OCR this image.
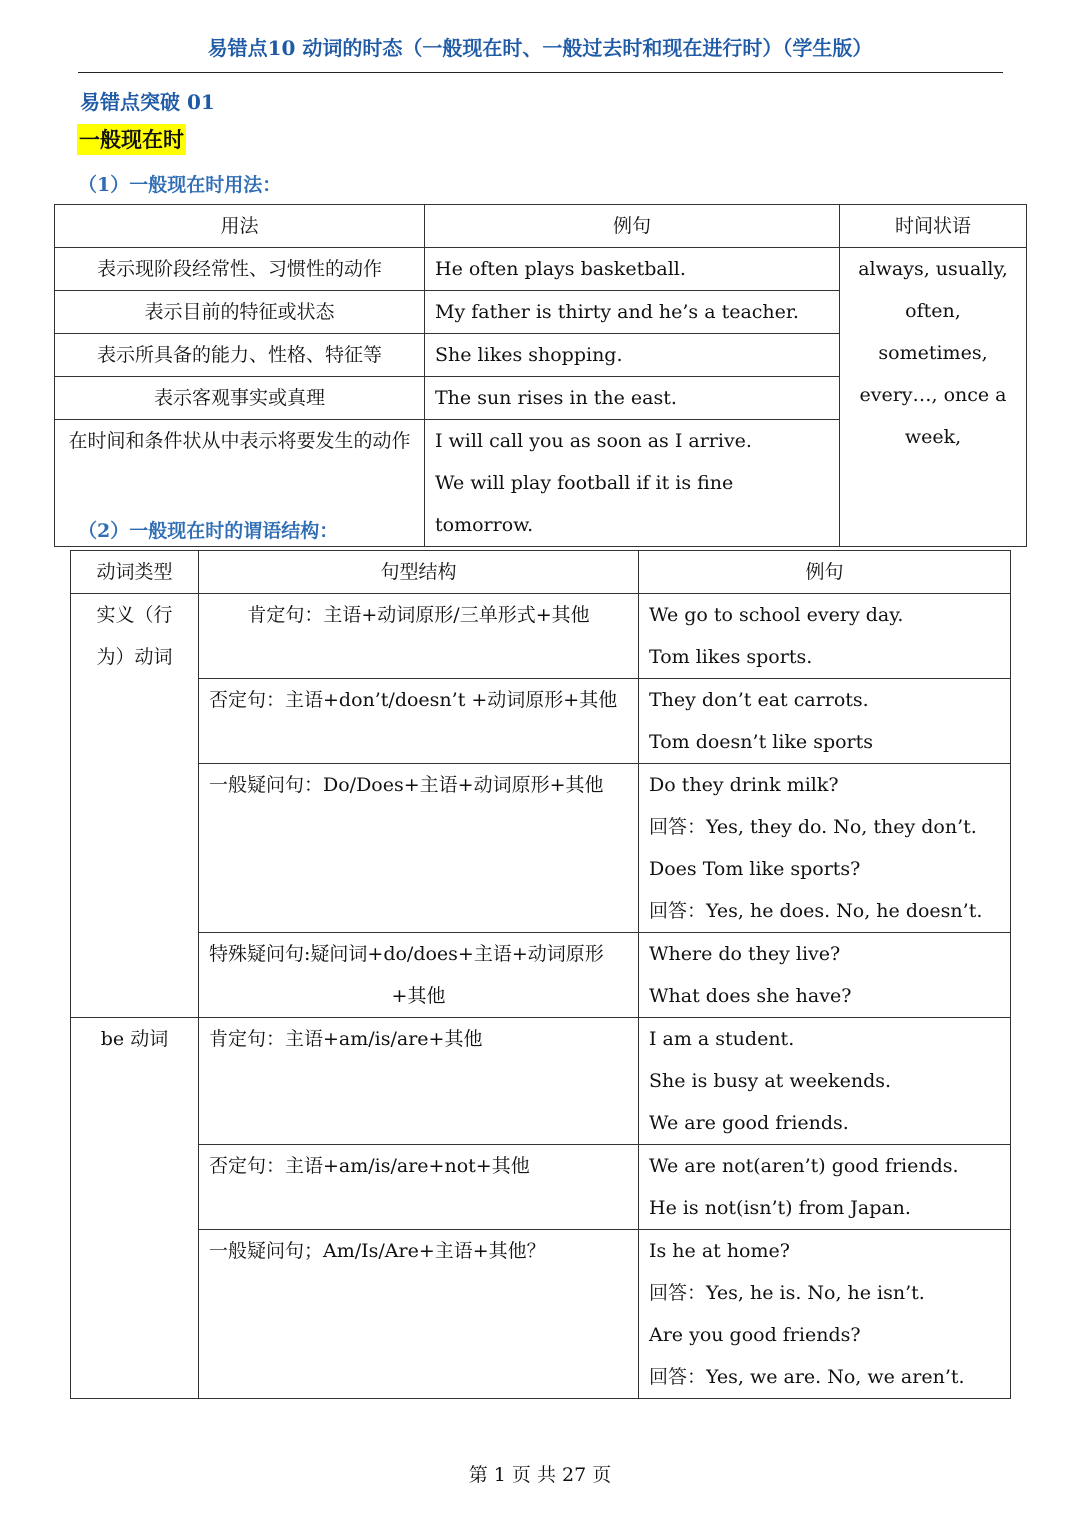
易错点10 动词的时态（一般现在时、一般过去时和现在进行时）（学生版）
易错点突破 01
一般现在时
（1）一般现在时用法：
用法	例句	时间状语
表示现阶段经常性、习惯性的动作	He often plays basketball.	always, usually,
often, sometimes,
every…, once a
week,

表示目前的特征或状态	My father is thirty and he’s a teacher.	
表示所具备的能力、性格、特征等	She likes shopping.	
表示客观事实或真理	The sun rises in the east.	
在时间和条件状从中表示将要发生的动作	I will call you as soon as I arrive.
We will play football if it is fine tomorrow.	
（2）一般现在时的谓语结构：
动词类型	句型结构	例句

实义（行
为）动词	肯定句：主语+动词原形/三单形式+其他	We go to school every day.
Tom likes sports.

	否定句：主语+don’t/doesn’t +动词原形+其他	They don’t eat carrots.
Tom doesn’t like sports

	一般疑问句：Do/Does+主语+动词原形+其他	Do they drink milk?
回答：Yes, they do. No, they don’t.
Does Tom like sports?
回答：Yes, he does. No, he doesn’t.

	特殊疑问句:疑问词+do/does+主语+动词原形
+其他	Where do they live?
What does she have?

be 动词	肯定句：主语+am/is/are+其他	I am a student.
She is busy at weekends.
We are good friends.

	否定句：主语+am/is/are+not+其他	We are not(aren’t) good friends.
He is not(isn’t) from Japan.

	一般疑问句；Am/Is/Are+主语+其他？	Is he at home?
回答：Yes, he is. No, he isn’t.
Are you good friends?
回答：Yes, we are. No, we aren’t.
第 1 页 共 27 页
